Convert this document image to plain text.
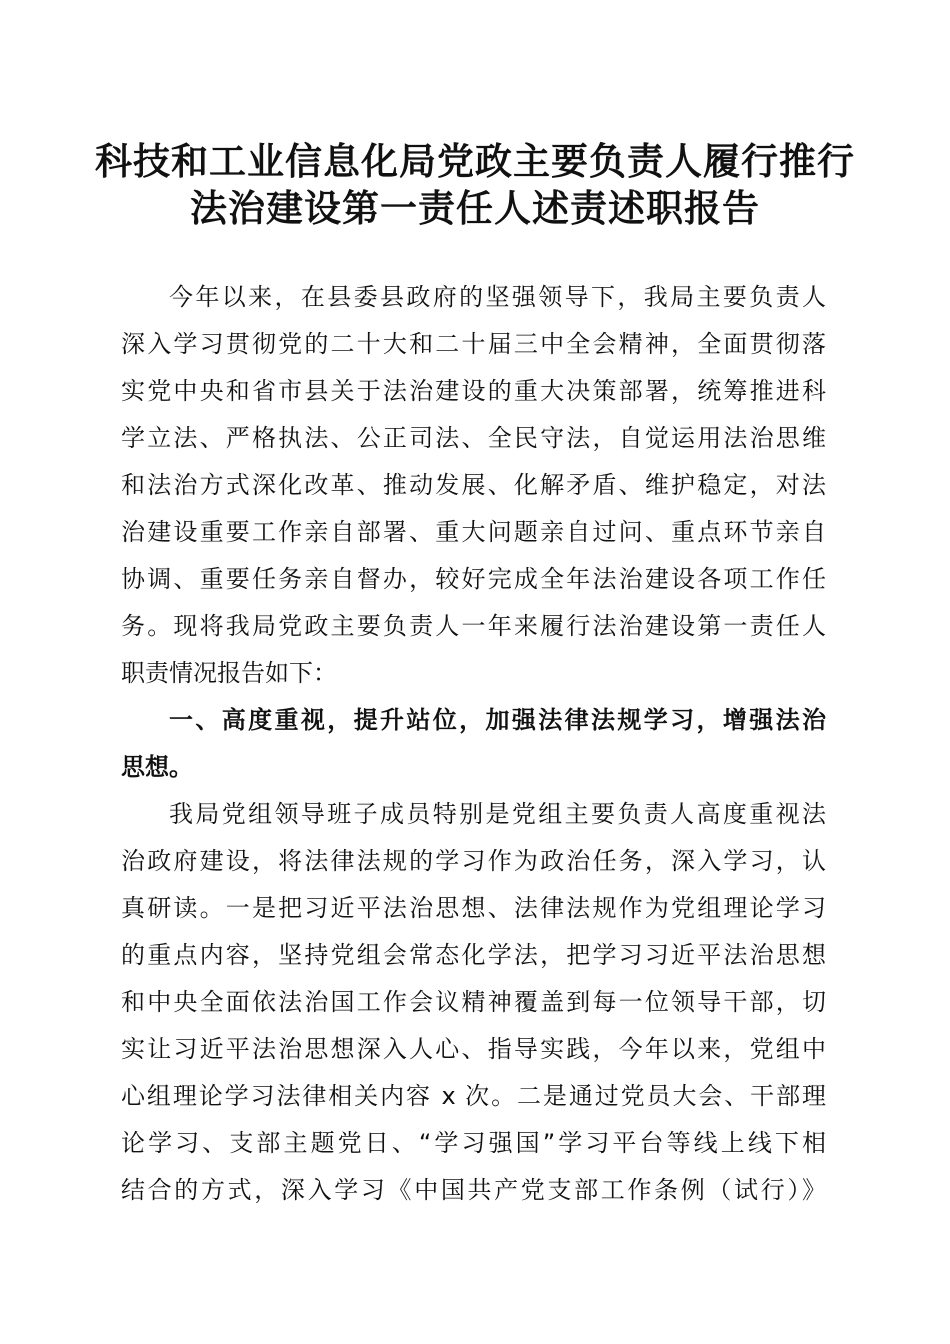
科技和工业信息化局党政主要负责人履行推行
法治建设第一责任人述责述职报告
今年以来，在县委县政府的坚强领导下，我局主要负责人
深入学习贯彻党的二十大和二十届三中全会精神，全面贯彻落
实党中央和省市县关于法治建设的重大决策部署，统筹推进科
学立法、严格执法、公正司法、全民守法，自觉运用法治思维
和法治方式深化改革、推动发展、化解矛盾、维护稳定，对法
治建设重要工作亲自部署、重大问题亲自过问、重点环节亲自
协调、重要任务亲自督办，较好完成全年法治建设各项工作任
务。现将我局党政主要负责人一年来履行法治建设第一责任人
职责情况报告如下：
一、高度重视，提升站位，加强法律法规学习，增强法治
思想。
我局党组领导班子成员特别是党组主要负责人高度重视法
治政府建设，将法律法规的学习作为政治任务，深入学习，认
真研读。一是把习近平法治思想、法律法规作为党组理论学习
的重点内容，坚持党组会常态化学法，把学习习近平法治思想
和中央全面依法治国工作会议精神覆盖到每一位领导干部，切
实让习近平法治思想深入人心、指导实践，今年以来，党组中
心组理论学习法律相关内容 x 次。二是通过党员大会、干部理
论学习、支部主题党日、“学习强国”学习平台等线上线下相
结合的方式，深入学习《中国共产党支部工作条例（试行）》
